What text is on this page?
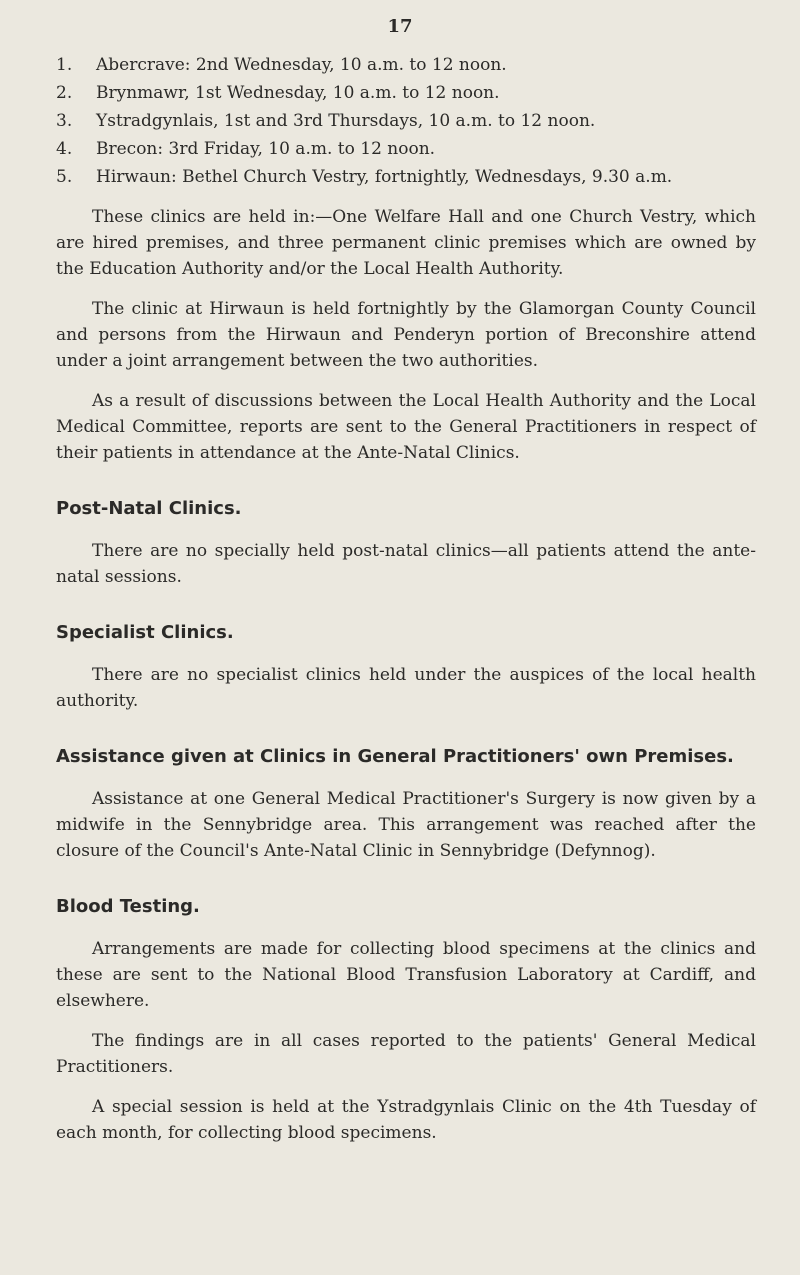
17
1.	Abercrave: 2nd Wednesday, 10 a.m. to 12 noon.
2.	Brynmawr, 1st Wednesday, 10 a.m. to 12 noon.
3.	Ystradgynlais, 1st and 3rd Thursdays, 10 a.m. to 12 noon.
4.	Brecon: 3rd Friday, 10 a.m. to 12 noon.
5.	Hirwaun: Bethel Church Vestry, fortnightly, Wednesdays, 9.30 a.m.

These clinics are held in:—One Welfare Hall and one Church Vestry, which are hired premises, and three permanent clinic premises which are owned by the Education Authority and/or the Local Health Authority.

The clinic at Hirwaun is held fortnightly by the Glamorgan County Council and persons from the Hirwaun and Penderyn portion of Breconshire attend under a joint arrangement between the two authorities.

As a result of discussions between the Local Health Authority and the Local Medical Committee, reports are sent to the General Practitioners in respect of their patients in attendance at the Ante-Natal Clinics.

Post-Natal Clinics.

There are no specially held post-natal clinics—all patients attend the ante-natal sessions.

Specialist Clinics.

There are no specialist clinics held under the auspices of the local health authority.

Assistance given at Clinics in General Practitioners' own Premises.

Assistance at one General Medical Practitioner's Surgery is now given by a midwife in the Sennybridge area. This arrangement was reached after the closure of the Council's Ante-Natal Clinic in Sennybridge (Defynnog).

Blood Testing.

Arrangements are made for collecting blood specimens at the clinics and these are sent to the National Blood Transfusion Laboratory at Cardiff, and elsewhere.

The findings are in all cases reported to the patients' General Medical Practitioners.

A special session is held at the Ystradgynlais Clinic on the 4th Tuesday of each month, for collecting blood specimens.
